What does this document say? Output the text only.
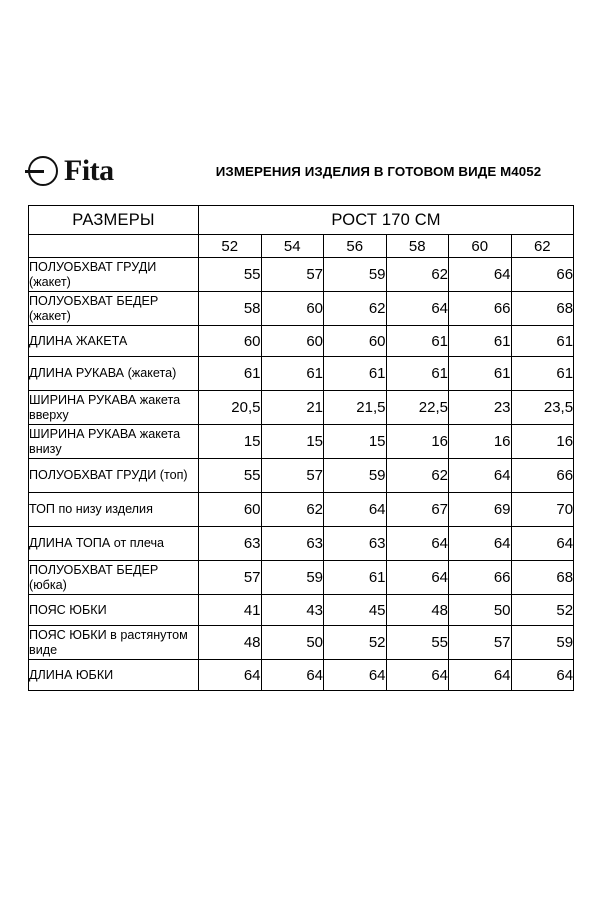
Fita	ИЗМЕРЕНИЯ ИЗДЕЛИЯ В ГОТОВОМ ВИДЕ М4052
РАЗМЕРЫ	РОСТ 170 СМ					
	52	54	56	58	60	62
ПОЛУОБХВАТ ГРУДИ (жакет)	55	57	59	62	64	66
ПОЛУОБХВАТ БЕДЕР (жакет)	58	60	62	64	66	68
ДЛИНА ЖАКЕТА	60	60	60	61	61	61
ДЛИНА РУКАВА (жакета)	61	61	61	61	61	61
ШИРИНА РУКАВА жакета вверху	20,5	21	21,5	22,5	23	23,5
ШИРИНА РУКАВА жакета внизу	15	15	15	16	16	16
ПОЛУОБХВАТ ГРУДИ (топ)	55	57	59	62	64	66
ТОП по низу изделия	60	62	64	67	69	70
ДЛИНА ТОПА от плеча	63	63	63	64	64	64
ПОЛУОБХВАТ БЕДЕР (юбка)	57	59	61	64	66	68
ПОЯС ЮБКИ	41	43	45	48	50	52
ПОЯС ЮБКИ в растянутом виде	48	50	52	55	57	59
ДЛИНА ЮБКИ	64	64	64	64	64	64
